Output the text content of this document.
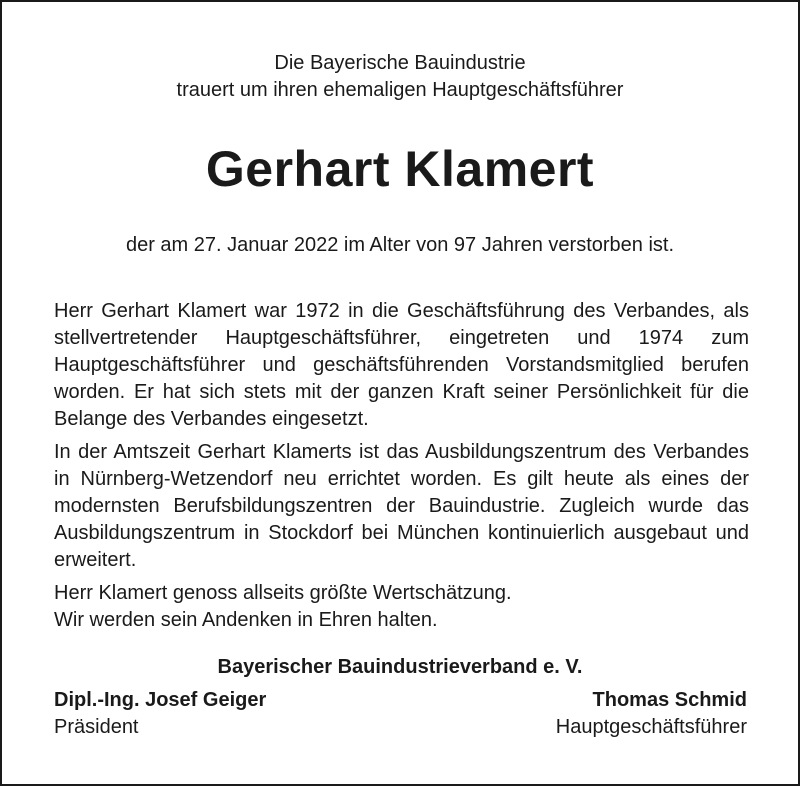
Die Bayerische Bauindustrie
trauert um ihren ehemaligen Hauptgeschäftsführer
Gerhart Klamert
der am 27. Januar 2022 im Alter von 97 Jahren verstorben ist.

Herr Gerhart Klamert war 1972 in die Geschäftsführung des Verbandes, als stellvertretender Hauptgeschäftsführer, eingetreten und 1974 zum Hauptgeschäftsführer und geschäftsführenden Vorstandsmitglied berufen worden. Er hat sich stets mit der ganzen Kraft seiner Persönlichkeit für die Belange des Verbandes eingesetzt.

In der Amtszeit Gerhart Klamerts ist das Ausbildungszentrum des Verbandes in Nürnberg-Wetzendorf neu errichtet worden. Es gilt heute als eines der modernsten Berufsbildungszentren der Bauindustrie. Zugleich wurde das Ausbildungszentrum in Stockdorf bei München kontinuierlich ausgebaut und erweitert.

Herr Klamert genoss allseits größte Wertschätzung.
Wir werden sein Andenken in Ehren halten.

Bayerischer Bauindustrieverband e. V.
Dipl.-Ing. Josef Geiger
Präsident
Thomas Schmid
Hauptgeschäftsführer
